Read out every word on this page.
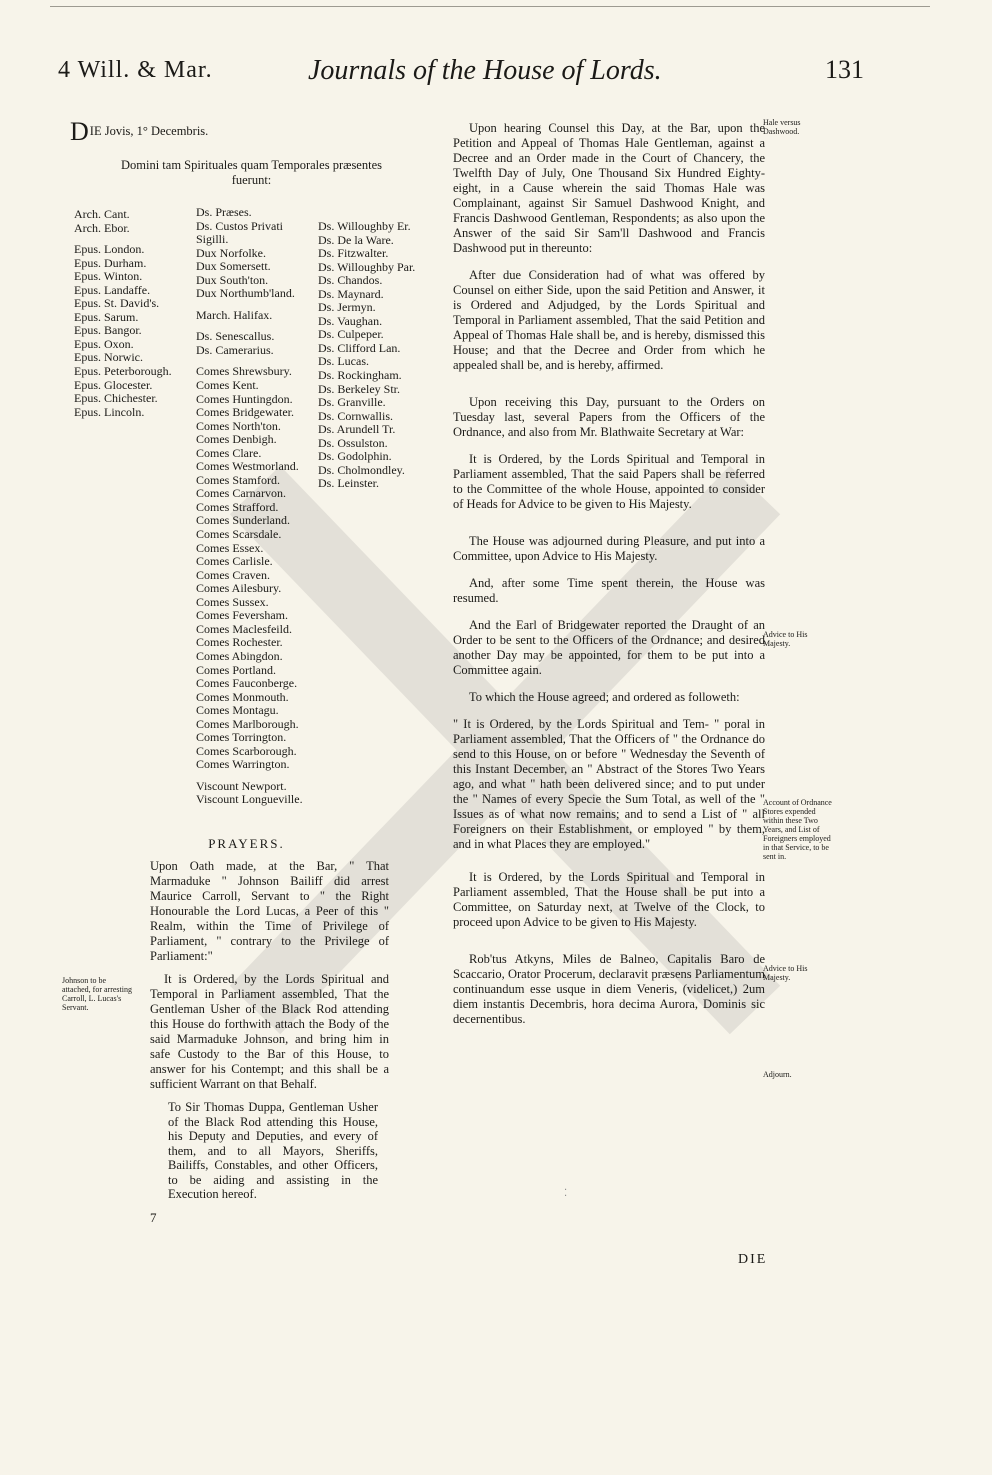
4 Will. & Mar.	Journals of the House of Lords.	131
DIE Jovis, 1° Decembris.
Domini tam Spirituales quam Temporales præsentes fuerunt:
Arch. Cant.
Arch. Ebor.

Epus. London.
Epus. Durham.
Epus. Winton.
Epus. Landaffe.
Epus. St. David's.
Epus. Sarum.
Epus. Bangor.
Epus. Oxon.
Epus. Norwic.
Epus. Peterborough.
Epus. Glocester.
Epus. Chichester.
Epus. Lincoln.
Ds. Præses.
Ds. Custos Privati
Sigilli.
Dux Norfolke.
Dux Somersett.
Dux South'ton.
Dux Northumb'land.

March. Halifax.

Ds. Senescallus.
Ds. Camerarius.

Comes Shrewsbury.
Comes Kent.
Comes Huntingdon.
Comes Bridgewater.
Comes North'ton.
Comes Denbigh.
Comes Clare.
Comes Westmorland.
Comes Stamford.
Comes Carnarvon.
Comes Strafford.
Comes Sunderland.
Comes Scarsdale.
Comes Essex.
Comes Carlisle.
Comes Craven.
Comes Ailesbury.
Comes Sussex.
Comes Feversham.
Comes Maclesfeild.
Comes Rochester.
Comes Abingdon.
Comes Portland.
Comes Fauconberge.
Comes Monmouth.
Comes Montagu.
Comes Marlborough.
Comes Torrington.
Comes Scarborough.
Comes Warrington.

Viscount Newport.
Viscount Longueville.
Ds. Willoughby Er.
Ds. De la Ware.
Ds. Fitzwalter.
Ds. Willoughby Par.
Ds. Chandos.
Ds. Maynard.
Ds. Jermyn.
Ds. Vaughan.
Ds. Culpeper.
Ds. Clifford Lan.
Ds. Lucas.
Ds. Rockingham.
Ds. Berkeley Str.
Ds. Granville.
Ds. Cornwallis.
Ds. Arundell Tr.
Ds. Ossulston.
Ds. Godolphin.
Ds. Cholmondley.
Ds. Leinster.
PRAYERS.

Upon Oath made, at the Bar, " That Marmaduke " Johnson Bailiff did arrest Maurice Carroll, Servant to " the Right Honourable the Lord Lucas, a Peer of this " Realm, within the Time of Privilege of Parliament, " contrary to the Privilege of Parliament:"

It is Ordered, by the Lords Spiritual and Temporal in Parliament assembled, That the Gentleman Usher of the Black Rod attending this House do forthwith attach the Body of the said Marmaduke Johnson, and bring him in safe Custody to the Bar of this House, to answer for his Contempt; and this shall be a sufficient Warrant on that Behalf.

To Sir Thomas Duppa, Gentleman Usher of the Black Rod attending this House, his Deputy and Deputies, and every of them, and to all Mayors, Sheriffs, Bailiffs, Constables, and other Officers, to be aiding and assisting in the Execution hereof.
7
Johnson to be attached, for arresting Carroll, L. Lucas's Servant.

Upon hearing Counsel this Day, at the Bar, upon the Petition and Appeal of Thomas Hale Gentleman, against a Decree and an Order made in the Court of Chancery, the Twelfth Day of July, One Thousand Six Hundred Eighty-eight, in a Cause wherein the said Thomas Hale was Complainant, against Sir Samuel Dashwood Knight, and Francis Dashwood Gentleman, Respondents; as also upon the Answer of the said Sir Sam'll Dashwood and Francis Dashwood put in thereunto:

After due Consideration had of what was offered by Counsel on either Side, upon the said Petition and Answer, it is Ordered and Adjudged, by the Lords Spiritual and Temporal in Parliament assembled, That the said Petition and Appeal of Thomas Hale shall be, and is hereby, dismissed this House; and that the Decree and Order from which he appealed shall be, and is hereby, affirmed.

Upon receiving this Day, pursuant to the Orders on Tuesday last, several Papers from the Officers of the Ordnance, and also from Mr. Blathwaite Secretary at War:

It is Ordered, by the Lords Spiritual and Temporal in Parliament assembled, That the said Papers shall be referred to the Committee of the whole House, appointed to consider of Heads for Advice to be given to His Majesty.

The House was adjourned during Pleasure, and put into a Committee, upon Advice to His Majesty.

And, after some Time spent therein, the House was resumed.

And the Earl of Bridgewater reported the Draught of an Order to be sent to the Officers of the Ordnance; and desired another Day may be appointed, for them to be put into a Committee again.

To which the House agreed; and ordered as followeth:

" It is Ordered, by the Lords Spiritual and Tem- " poral in Parliament assembled, That the Officers of " the Ordnance do send to this House, on or before " Wednesday the Seventh of this Instant December, an " Abstract of the Stores Two Years ago, and what " hath been delivered since; and to put under the " Names of every Specie the Sum Total, as well of the " Issues as of what now remains; and to send a List of " all Foreigners on their Establishment, or employed " by them, and in what Places they are employed."

It is Ordered, by the Lords Spiritual and Temporal in Parliament assembled, That the House shall be put into a Committee, on Saturday next, at Twelve of the Clock, to proceed upon Advice to be given to His Majesty.

Rob'tus Atkyns, Miles de Balneo, Capitalis Baro de Scaccario, Orator Procerum, declaravit præsens Parliamentum continuandum esse usque in diem Veneris, (videlicet,) 2um diem instantis Decembris, hora decima Aurora, Dominis sic decernentibus.

Hale versus Dashwood.
Advice to His Majesty.
Account of Ordnance Stores expended within these Two Years, and List of Foreigners employed in that Service, to be sent in.
Advice to His Majesty.
Adjourn.
⁚
DIE
